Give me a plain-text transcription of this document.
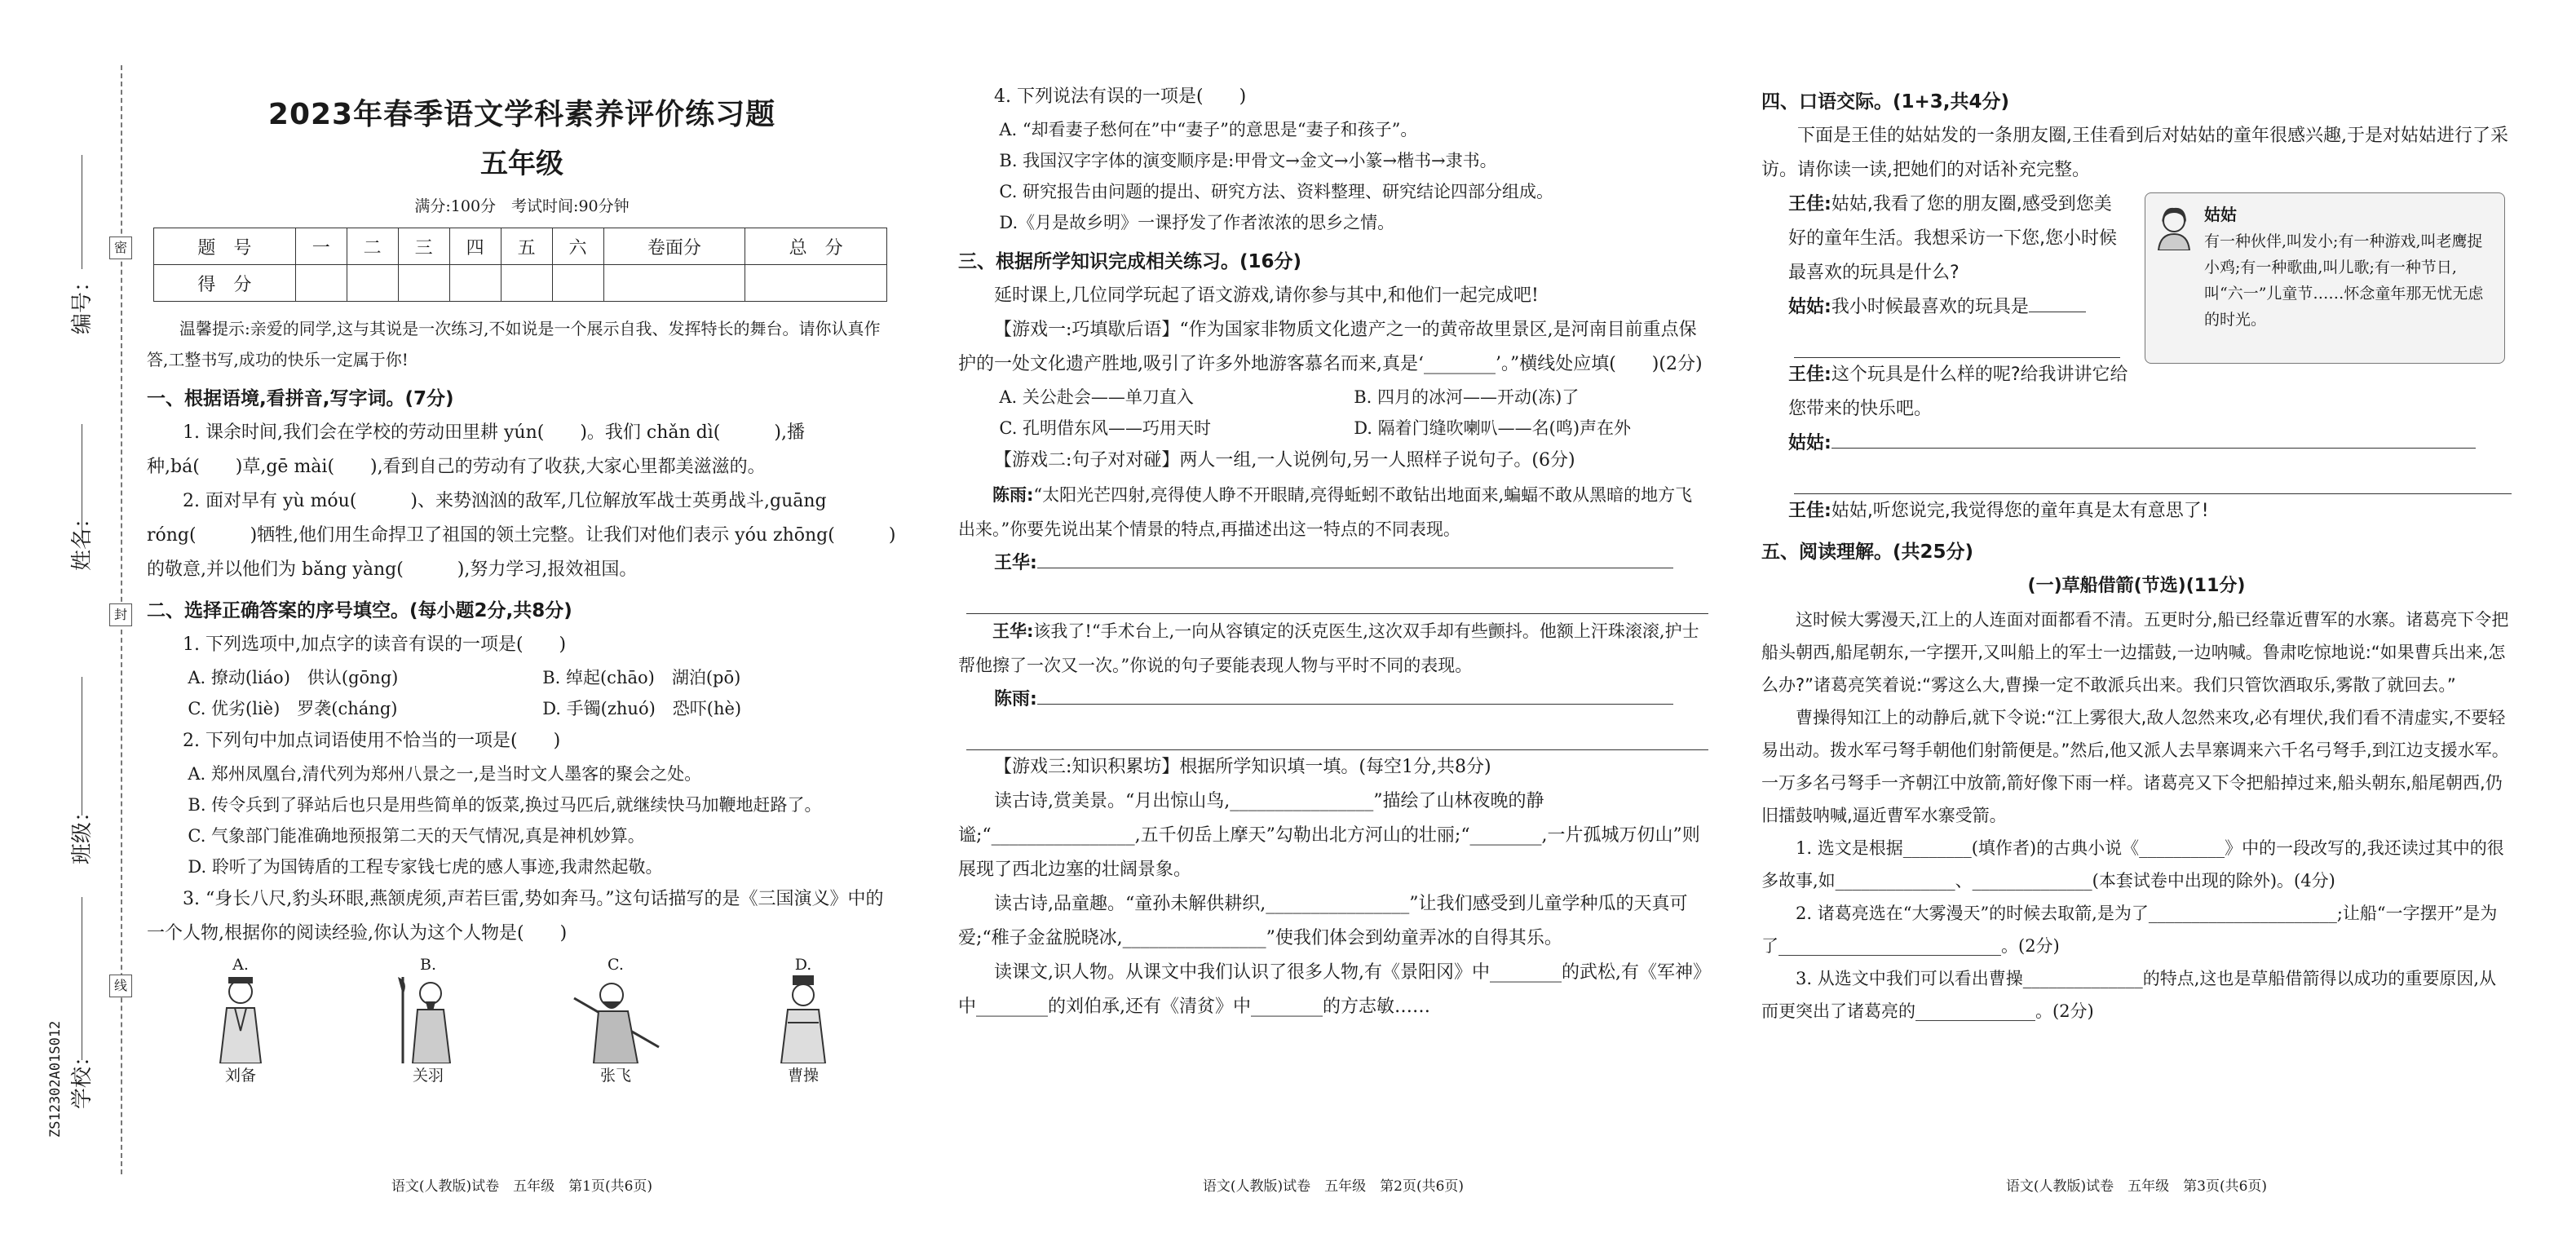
密
封
线
编号：
姓名：
班级：
学校：
ZS12302A01S012
2023年春季语文学科素养评价练习题
五年级
满分:100分　考试时间:90分钟
题　号	一	二	三	四	五	六	卷面分	总　分
得　分								

温馨提示:亲爱的同学,这与其说是一次练习,不如说是一个展示自我、发挥特长的舞台。请你认真作答,工整书写,成功的快乐一定属于你!

一、根据语境,看拼音,写字词。(7分)

1. 课余时间,我们会在学校的劳动田里耕 yún(　　)。我们 chǎn dì(　　　),播种,bá(　　)草,gē mài(　　),看到自己的劳动有了收获,大家心里都美滋滋的。

2. 面对早有 yù móu(　　　)、来势汹汹的敌军,几位解放军战士英勇战斗,guāng róng(　　　)牺牲,他们用生命捍卫了祖国的领土完整。让我们对他们表示 yóu zhōng(　　　)的敬意,并以他们为 bǎng yàng(　　　),努力学习,报效祖国。

二、选择正确答案的序号填空。(每小题2分,共8分)

1. 下列选项中,加点字的读音有误的一项是(　　)

A. 撩动(liáo)　供认(gōng)	B. 绰起(chāo)　湖泊(pō)
C. 优劣(liè)　罗袭(cháng)	D. 手镯(zhuó)　恐吓(hè)

2. 下列句中加点词语使用不恰当的一项是(　　)

A. 郑州凤凰台,清代列为郑州八景之一,是当时文人墨客的聚会之处。

B. 传令兵到了驿站后也只是用些简单的饭菜,换过马匹后,就继续快马加鞭地赶路了。

C. 气象部门能准确地预报第二天的天气情况,真是神机妙算。

D. 聆听了为国铸盾的工程专家钱七虎的感人事迹,我肃然起敬。

3. “身长八尺,豹头环眼,燕颔虎须,声若巨雷,势如奔马。”这句话描写的是《三国演义》中的一个人物,根据你的阅读经验,你认为这个人物是(　　)

A.
刘备
B.
关羽
C.
张飞
D.
曹操
语文(人教版)试卷　五年级　第1页(共6页)

4. 下列说法有误的一项是(　　)

A. “却看妻子愁何在”中“妻子”的意思是“妻子和孩子”。

B. 我国汉字字体的演变顺序是:甲骨文→金文→小篆→楷书→隶书。

C. 研究报告由问题的提出、研究方法、资料整理、研究结论四部分组成。

D.《月是故乡明》一课抒发了作者浓浓的思乡之情。

三、根据所学知识完成相关练习。(16分)

延时课上,几位同学玩起了语文游戏,请你参与其中,和他们一起完成吧!

【游戏一:巧填歇后语】“作为国家非物质文化遗产之一的黄帝故里景区,是河南目前重点保护的一处文化遗产胜地,吸引了许多外地游客慕名而来,真是‘________’。”横线处应填(　　)(2分)

A. 关公赴会——单刀直入	B. 四月的冰河——开动(冻)了
C. 孔明借东风——巧用天时	D. 隔着门缝吹喇叭——名(鸣)声在外

【游戏二:句子对对碰】两人一组,一人说例句,另一人照样子说句子。(6分)

陈雨:“太阳光芒四射,亮得使人睁不开眼睛,亮得蚯蚓不敢钻出地面来,蝙蝠不敢从黑暗的地方飞出来。”你要先说出某个情景的特点,再描述出这一特点的不同表现。

王华:

王华:该我了!“手术台上,一向从容镇定的沃克医生,这次双手却有些颤抖。他额上汗珠滚滚,护士帮他擦了一次又一次。”你说的句子要能表现人物与平时不同的表现。

陈雨:

【游戏三:知识积累坊】根据所学知识填一填。(每空1分,共8分)

读古诗,赏美景。“月出惊山鸟,________________”描绘了山林夜晚的静谧;“________________,五千仞岳上摩天”勾勒出北方河山的壮丽;“________,一片孤城万仞山”则展现了西北边塞的壮阔景象。

读古诗,品童趣。“童孙未解供耕织,________________”让我们感受到儿童学种瓜的天真可爱;“稚子金盆脱晓冰,________________”使我们体会到幼童弄冰的自得其乐。

读课文,识人物。从课文中我们认识了很多人物,有《景阳冈》中________的武松,有《军神》中________的刘伯承,还有《清贫》中________的方志敏……

语文(人教版)试卷　五年级　第2页(共6页)

四、口语交际。(1+3,共4分)

下面是王佳的姑姑发的一条朋友圈,王佳看到后对姑姑的童年很感兴趣,于是对姑姑进行了采访。请你读一读,把她们的对话补充完整。

姑姑
有一种伙伴,叫发小;有一种游戏,叫老鹰捉小鸡;有一种歌曲,叫儿歌;有一种节日,叫“六一”儿童节……怀念童年那无忧无虑的时光。

王佳:姑姑,我看了您的朋友圈,感受到您美好的童年生活。我想采访一下您,您小时候最喜欢的玩具是什么?

姑姑:我小时候最喜欢的玩具是

王佳:这个玩具是什么样的呢?给我讲讲它给您带来的快乐吧。

姑姑:

王佳:姑姑,听您说完,我觉得您的童年真是太有意思了!

五、阅读理解。(共25分)

(一)草船借箭(节选)(11分)

这时候大雾漫天,江上的人连面对面都看不清。五更时分,船已经靠近曹军的水寨。诸葛亮下令把船头朝西,船尾朝东,一字摆开,又叫船上的军士一边擂鼓,一边呐喊。鲁肃吃惊地说:“如果曹兵出来,怎么办?”诸葛亮笑着说:“雾这么大,曹操一定不敢派兵出来。我们只管饮酒取乐,雾散了就回去。”

曹操得知江上的动静后,就下令说:“江上雾很大,敌人忽然来攻,必有埋伏,我们看不清虚实,不要轻易出动。拨水军弓弩手朝他们射箭便是。”然后,他又派人去旱寨调来六千名弓弩手,到江边支援水军。一万多名弓弩手一齐朝江中放箭,箭好像下雨一样。诸葛亮又下令把船掉过来,船头朝东,船尾朝西,仍旧擂鼓呐喊,逼近曹军水寨受箭。

1. 选文是根据________(填作者)的古典小说《__________》中的一段改写的,我还读过其中的很多故事,如______________、______________(本套试卷中出现的除外)。(4分)

2. 诸葛亮选在“大雾漫天”的时候去取箭,是为了______________________;让船“一字摆开”是为了__________________________。(2分)

3. 从选文中我们可以看出曹操______________的特点,这也是草船借箭得以成功的重要原因,从而更突出了诸葛亮的______________。(2分)

语文(人教版)试卷　五年级　第3页(共6页)
